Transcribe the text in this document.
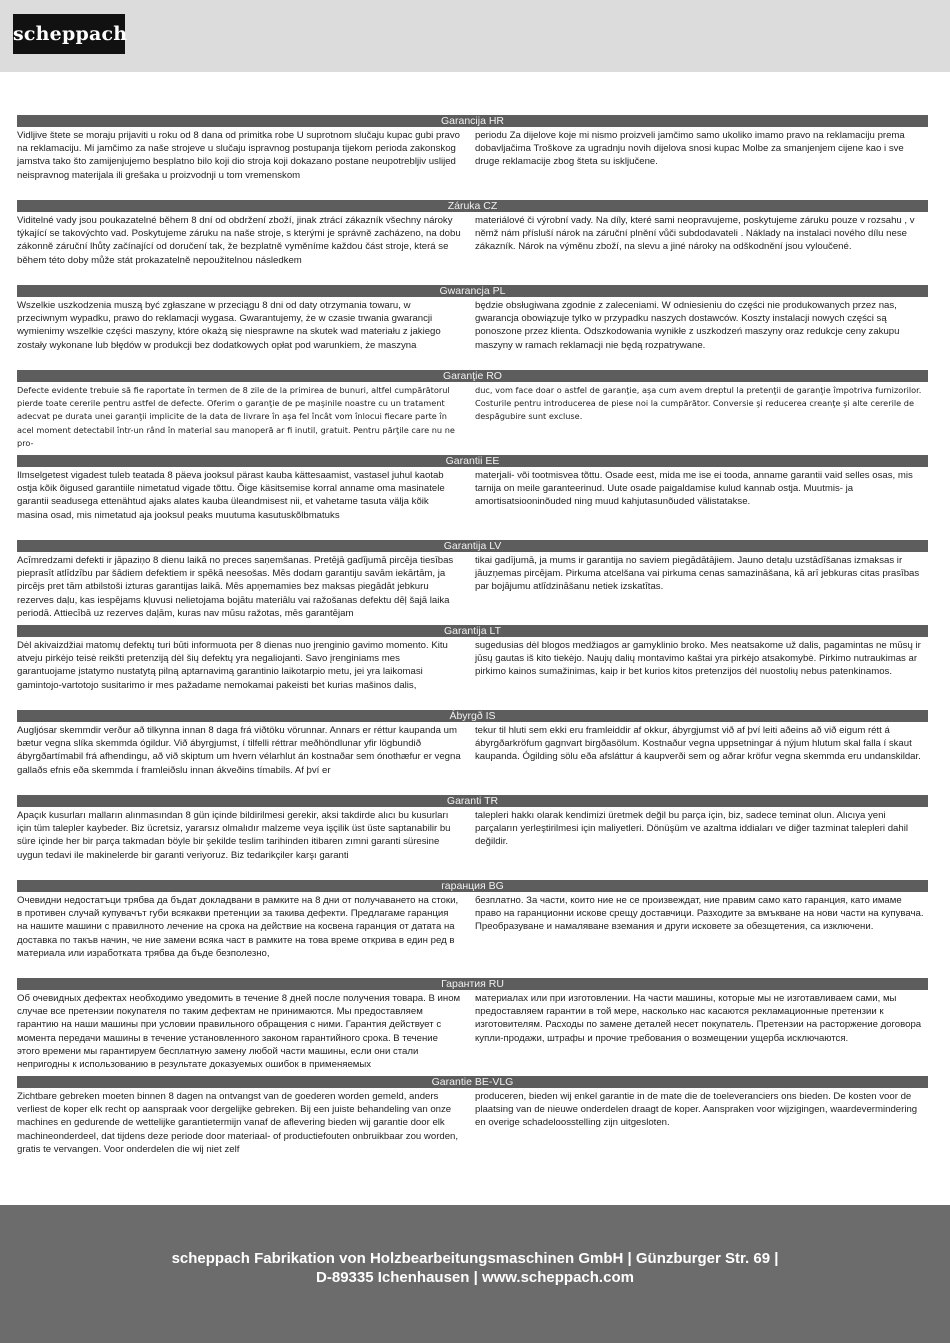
scheppach
Garancija HR
Vidljive štete se moraju prijaviti u roku od 8 dana od primitka robe U suprotnom slučaju kupac gubi pravo na reklamaciju. Mi jamčimo za naše strojeve u slučaju ispravnog postupanja tijekom perioda zakonskog jamstva tako što zamijenjujemo besplatno bilo koji dio stroja koji dokazano postane neupotrebljiv uslijed neispravnog materijala ili grešaka u proizvodnji u tom vremenskom
periodu Za dijelove koje mi nismo proizveli jamčimo samo ukoliko imamo pravo na reklamaciju prema dobavljačima Troškove za ugradnju novih dijelova snosi kupac Molbe za smanjenjem cijene kao i sve druge reklamacije zbog šteta su isključene.
Záruka CZ
Viditelné vady jsou poukazatelné během 8 dní od obdržení zboží, jinak ztrácí zákazník všechny nároky týkající se takovýchto vad. Poskytujeme záruku na naše stroje, s kterými je správně zacházeno, na dobu zákonně záruční lhůty začínající od doručení tak, že bezplatně vyměníme každou část stroje, která se během této doby může stát prokazatelně nepoužitelnou následkem
materiálové či výrobní vady. Na díly, které sami neopravujeme, poskytujeme záruku pouze v rozsahu , v němž nám přísluší nárok na záruční plnění vůči subdodavateli . Náklady na instalaci nového dílu nese zákazník. Nárok na výměnu zboží, na slevu a jiné nároky na odškodnění jsou vyloučené.
Gwarancja PL
Wszelkie uszkodzenia muszą być zgłaszane w przeciągu 8 dni od daty otrzymania towaru, w przeciwnym wypadku, prawo do reklamacji wygasa. Gwarantujemy, że w czasie trwania gwarancji wymienimy wszelkie części maszyny, które okażą się niesprawne na skutek wad materiału z jakiego zostały wykonane lub błędów w produkcji bez dodatkowych opłat pod warunkiem, że maszyna
będzie obsługiwana zgodnie z zaleceniami. W odniesieniu do części nie produkowanych przez nas, gwarancja obowiązuje tylko w przypadku naszych dostawców. Koszty instalacji nowych części są ponoszone przez klienta. Odszkodowania wynikłe z uszkodzeń maszyny oraz redukcje ceny zakupu maszyny w ramach reklamacji nie będą rozpatrywane.
Garanţie RO
Defecte evidente trebuie să fie raportate în termen de 8 zile de la primirea de bunuri, altfel cumpărătorul pierde toate cererile pentru astfel de defecte. Oferim o garanţie de pe maşinile noastre cu un tratament adecvat pe durata unei garanţii implicite de la data de livrare în aşa fel încât vom înlocui fiecare parte în acel moment detectabil într-un rând în material sau manoperă ar fi inutil, gratuit. Pentru părţile care nu ne pro-
duc, vom face doar o astfel de garanţie, aşa cum avem dreptul la pretenţii de garanţie împotriva furnizorilor. Costurile pentru introducerea de piese noi la cumpărător. Conversie şi reducerea creanţe şi alte cererile de despăgubire sunt excluse.
Garantii EE
Ilmselgetest vigadest tuleb teatada 8 päeva jooksul pärast kauba kättesaamist, vastasel juhul kaotab ostja kõik õigused garantiile nimetatud vigade tõttu. Õige käsitsemise korral anname oma masinatele garantii seadusega ettenähtud ajaks alates kauba üleandmisest nii, et vahetame tasuta välja kõik masina osad, mis nimetatud aja jooksul peaks muutuma kasutuskõlbmatuks
materjali- või tootmisvea tõttu. Osade eest, mida me ise ei tooda, anname garantii vaid selles osas, mis tarnija on meile garanteerinud. Uute osade paigaldamise kulud kannab ostja. Muutmis- ja amortisatsiooninõuded ning muud kahjutasunõuded välistatakse.
Garantija LV
Acīmredzami defekti ir jāpaziņo 8 dienu laikā no preces saņemšanas. Pretējā gadījumā pircēja tiesības pieprasīt atlīdzību par šādiem defektiem ir spēkā neesošas. Mēs dodam garantiju savām iekārtām, ja pircējs pret tām atbilstoši izturas garantijas laikā. Mēs apņemamies bez maksas piegādāt jebkuru rezerves daļu, kas iespējams kļuvusi nelietojama bojātu materiālu vai ražošanas defektu dēļ šajā laika periodā. Attiecībā uz rezerves daļām, kuras nav mūsu ražotas, mēs garantējam
tikai gadījumā, ja mums ir garantija no saviem piegādātājiem. Jauno detaļu uzstādīšanas izmaksas ir jāuzņemas pircējam. Pirkuma atcelšana vai pirkuma cenas samazināšana, kā arī jebkuras citas prasības par bojājumu atlīdzināšanu netiek izskatītas.
Garantija LT
Dėl akivaizdžiai matomų defektų turi būti informuota per 8 dienas nuo įrenginio gavimo momento. Kitu atveju pirkėjo teisė reikšti pretenziją dėl šių defektų yra negaliojanti. Savo įrenginiams mes garantuojame įstatymo nustatytą pilną aptarnavimą garantinio laikotarpio metu, jei yra laikomasi gamintojo-vartotojo susitarimo ir mes pažadame nemokamai pakeisti bet kurias mašinos dalis,
sugedusias dėl blogos medžiagos ar gamyklinio broko. Mes neatsakome už dalis, pagamintas ne mūsų ir jūsų gautas iš kito tiekėjo. Naujų dalių montavimo kaštai yra pirkėjo atsakomybė. Pirkimo nutraukimas ar pirkimo kainos sumažinimas, kaip ir bet kurios kitos pretenzijos dėl nuostolių nebus patenkinamos.
Ábyrgð IS
Augljósar skemmdir verður að tilkynna innan 8 daga frá viðtöku vörunnar. Annars er réttur kaupanda um bætur vegna slíka skemmda ógildur. Við ábyrgjumst, í tilfelli réttrar meðhöndlunar yfir lögbundið ábyrgðartímabil frá afhendingu, að við skiptum um hvern vélarhlut án kostnaðar sem ónothæfur er vegna gallaðs efnis eða skemmda í framleiðslu innan ákveðins tímabils. Af því er
tekur til hluti sem ekki eru framleiddir af okkur, ábyrgjumst við af því leiti aðeins að við eigum rétt á ábyrgðarkröfum gagnvart birgðasölum. Kostnaður vegna uppsetningar á nýjum hlutum skal falla í skaut kaupanda. Ógilding sölu eða afsláttur á kaupverði sem og aðrar kröfur vegna skemmda eru undanskildar.
Garanti TR
Apaçık kusurları malların alınmasından 8 gün içinde bildirilmesi gerekir, aksi takdirde alıcı bu kusurları için tüm talepler kaybeder. Biz ücretsiz, yararsız olmalıdır malzeme veya işçilik üst üste saptanabilir bu süre içinde her bir parça takmadan böyle bir şekilde teslim tarihinden itibaren zımni garanti süresine uygun tedavi ile makinelerde bir garanti veriyoruz. Biz tedarikçiler karşı garanti
talepleri hakkı olarak kendimizi üretmek değil bu parça için, biz, sadece teminat olun. Alıcıya yeni parçaların yerleştirilmesi için maliyetleri. Dönüşüm ve azaltma iddiaları ve diğer tazminat talepleri dahil değildir.
гаранция BG
Очевидни недостатъци трябва да бъдат докладвани в рамките на 8 дни от получаването на стоки, в противен случай купувачът губи всякакви претенции за такива дефекти. Предлагаме гаранция на нашите машини с правилното лечение на срока на действие на косвена гаранция от датата на доставка по такъв начин, че ние замени всяка част в рамките на това време открива в един ред в материала или изработката трябва да бъде безполезно,
безплатно. За части, които ние не се произвеждат, ние правим само като гаранция, като имаме право на гаранционни искове срещу доставчици. Разходите за вмъкване на нови части на купувача. Преобразуване и намаляване вземания и други исковете за обезщетения, са изключени.
Гарантия RU
Об очевидных дефектах необходимо уведомить в течение 8 дней после получения товара. В ином случае все претензии покупателя по таким дефектам не принимаются. Мы предоставляем гарантию на наши машины при условии правильного обращения с ними. Гарантия действует с момента передачи машины в течение установленного законом гарантийного срока. В течение этого времени мы гарантируем бесплатную замену любой части машины, если они стали непригодны к использованию в результате доказуемых ошибок в применяемых
материалах или при изготовлении. На части машины, которые мы не изготавливаем сами, мы предоставляем гарантии в той мере, насколько нас касаются рекламационные претензии к изготовителям. Расходы по замене деталей несет покупатель. Претензии на расторжение договора купли-продажи, штрафы и прочие требования о возмещении ущерба исключаются.
Garantie BE-VLG
Zichtbare gebreken moeten binnen 8 dagen na ontvangst van de goederen worden gemeld, anders verliest de koper elk recht op aanspraak voor dergelijke gebreken. Bij een juiste behandeling van onze machines en gedurende de wettelijke garantietermijn vanaf de aflevering bieden wij garantie door elk machineonderdeel, dat tijdens deze periode door materiaal- of productiefouten onbruikbaar zou worden, gratis te vervangen. Voor onderdelen die wij niet zelf
produceren, bieden wij enkel garantie in de mate die de toeleveranciers ons bieden. De kosten voor de plaatsing van de nieuwe onderdelen draagt de koper. Aanspraken voor wijzigingen, waardevermindering en overige schadeloosstelling zijn uitgesloten.
scheppach Fabrikation von Holzbearbeitungsmaschinen GmbH | Günzburger Str. 69 |
D-89335 Ichenhausen | www.scheppach.com
